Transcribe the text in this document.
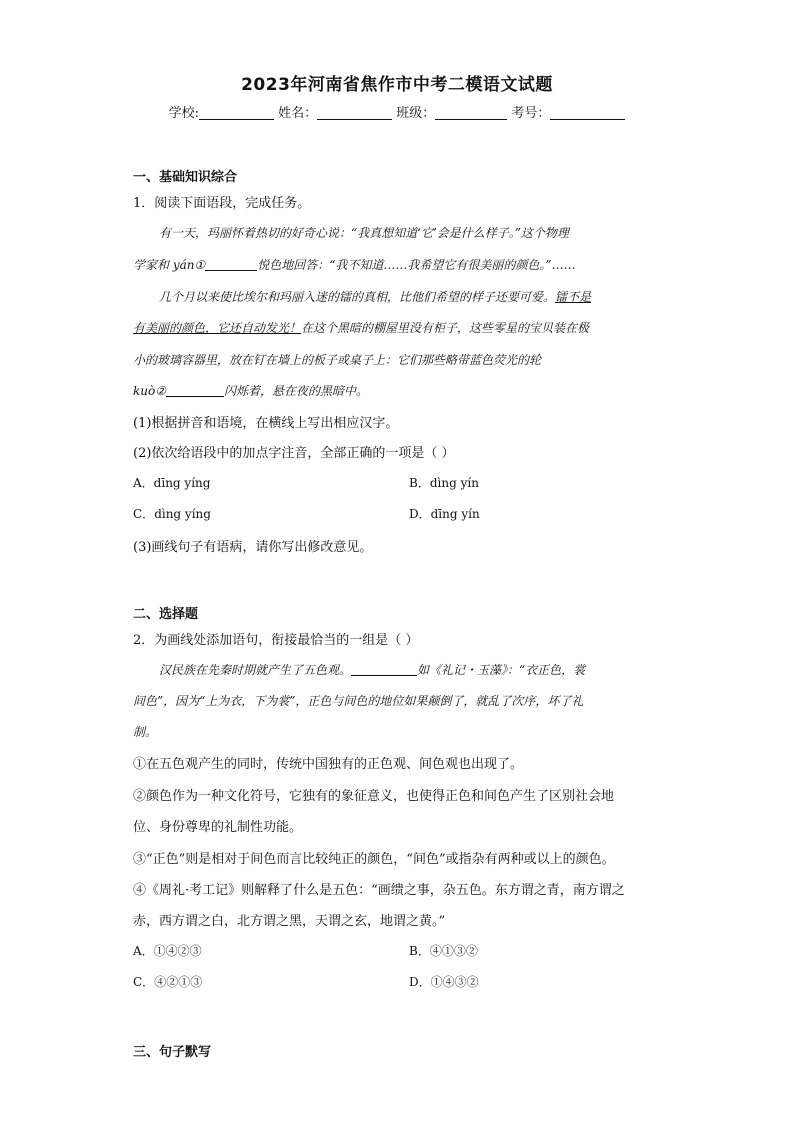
2023年河南省焦作市中考二模语文试题
学校:	姓名：	班级：	考号：
一、基础知识综合
1．阅读下面语段，完成任务。
有一天，玛丽怀着热切的好奇心说：“我真想知道‘它’会是什么样子。”这个物理
学家和 yán①	悦色地回答：“我不知道……我希望它有很美丽的颜色。”……
几个月以来使比埃尔和玛丽入迷的镭的真相，比他们希望的样子还要可爱。镭不是
有美丽的颜色，它还自动发光！在这个黑暗的棚屋里没有柜子，这些零星的宝贝装在极
小的玻璃容器里，放在钉在墙上的板子或桌子上：它们那些略带蓝色荧光的轮
kuò②	闪烁着，悬在夜的黑暗中。
(1)根据拼音和语境，在横线上写出相应汉字。
(2)依次给语段中的加点字注音，全部正确的一项是（ ）
A．dīng yíng	B．dìng yín
C．dìng yíng	D．dīng yín
(3)画线句子有语病，请你写出修改意见。
二、选择题
2．为画线处添加语句，衔接最恰当的一组是（ ）
汉民族在先秦时期就产生了五色观。	如《礼记・玉藻》：“衣正色，裳
间色”，因为“上为衣，下为裳”，正色与间色的地位如果颠倒了，就乱了次序，坏了礼
制。
①在五色观产生的同时，传统中国独有的正色观、间色观也出现了。
②颜色作为一种文化符号，它独有的象征意义，也使得正色和间色产生了区别社会地
位、身份尊卑的礼制性功能。
③“正色”则是相对于间色而言比较纯正的颜色，“间色”或指杂有两种或以上的颜色。
④《周礼·考工记》则解释了什么是五色：“画缋之事，杂五色。东方谓之青，南方谓之
赤，西方谓之白，北方谓之黑，天谓之玄，地谓之黄。”
A．①④②③	B．④①③②
C．④②①③	D．①④③②
三、句子默写
